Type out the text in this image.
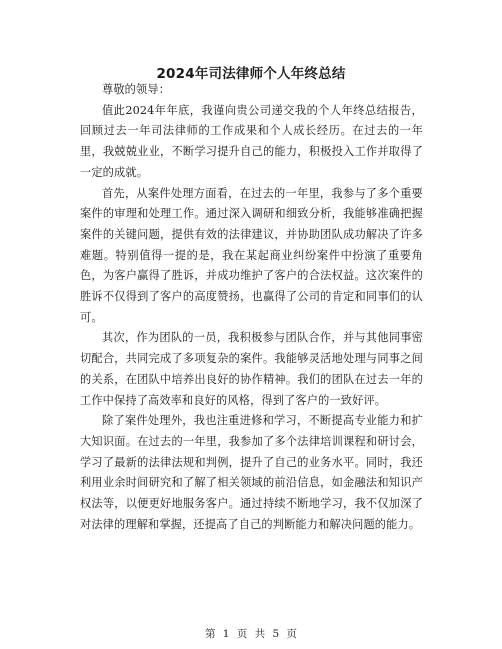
2024年司法律师个人年终总结

尊敬的领导：

值此2024年年底，我谨向贵公司递交我的个人年终总结报告，回顾过去一年司法律师的工作成果和个人成长经历。在过去的一年里，我兢兢业业，不断学习提升自己的能力，积极投入工作并取得了一定的成就。

首先，从案件处理方面看，在过去的一年里，我参与了多个重要案件的审理和处理工作。通过深入调研和细致分析，我能够准确把握案件的关键问题，提供有效的法律建议，并协助团队成功解决了许多难题。特别值得一提的是，我在某起商业纠纷案件中扮演了重要角色，为客户赢得了胜诉，并成功维护了客户的合法权益。这次案件的胜诉不仅得到了客户的高度赞扬，也赢得了公司的肯定和同事们的认可。

其次，作为团队的一员，我积极参与团队合作，并与其他同事密切配合，共同完成了多项复杂的案件。我能够灵活地处理与同事之间的关系，在团队中培养出良好的协作精神。我们的团队在过去一年的工作中保持了高效率和良好的风格，得到了客户的一致好评。

除了案件处理外，我也注重进修和学习，不断提高专业能力和扩大知识面。在过去的一年里，我参加了多个法律培训课程和研讨会，学习了最新的法律法规和判例，提升了自己的业务水平。同时，我还利用业余时间研究和了解了相关领域的前沿信息，如金融法和知识产权法等，以便更好地服务客户。通过持续不断地学习，我不仅加深了对法律的理解和掌握，还提高了自己的判断能力和解决问题的能力。

第 1 页 共 5 页
